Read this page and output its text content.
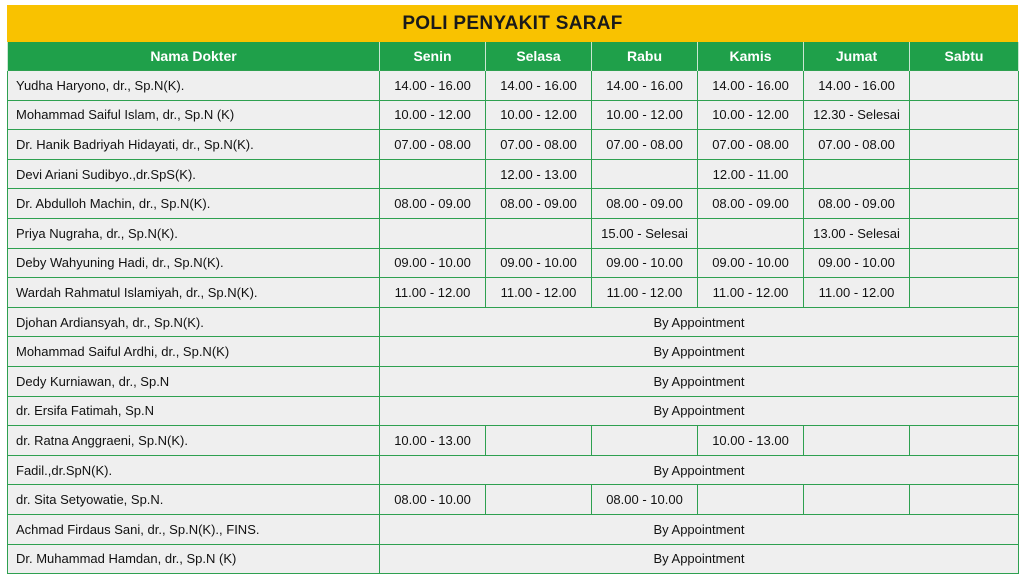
POLI PENYAKIT SARAF
Nama Dokter	Senin	Selasa	Rabu	Kamis	Jumat	Sabtu
Yudha Haryono, dr., Sp.N(K).	14.00 - 16.00	14.00 - 16.00	14.00 - 16.00	14.00 - 16.00	14.00 - 16.00	
Mohammad Saiful Islam, dr., Sp.N (K)	10.00 - 12.00	10.00 - 12.00	10.00 - 12.00	10.00 - 12.00	12.30 - Selesai	
Dr. Hanik Badriyah Hidayati, dr., Sp.N(K).	07.00 - 08.00	07.00 - 08.00	07.00 - 08.00	07.00 - 08.00	07.00 - 08.00	
Devi Ariani Sudibyo.,dr.SpS(K).		12.00 - 13.00		12.00 - 11.00		
Dr. Abdulloh Machin, dr., Sp.N(K).	08.00 - 09.00	08.00 - 09.00	08.00 - 09.00	08.00 - 09.00	08.00 - 09.00	
Priya Nugraha, dr., Sp.N(K).			15.00 - Selesai		13.00 - Selesai	
Deby Wahyuning Hadi, dr., Sp.N(K).	09.00 - 10.00	09.00 - 10.00	09.00 - 10.00	09.00 - 10.00	09.00 - 10.00	
Wardah Rahmatul Islamiyah, dr., Sp.N(K).	11.00 - 12.00	11.00 - 12.00	11.00 - 12.00	11.00 - 12.00	11.00 - 12.00	
Djohan Ardiansyah, dr., Sp.N(K).	By Appointment					
Mohammad Saiful Ardhi, dr., Sp.N(K)	By Appointment					
Dedy Kurniawan, dr., Sp.N	By Appointment					
dr. Ersifa Fatimah, Sp.N	By Appointment					
dr. Ratna Anggraeni, Sp.N(K).	10.00 - 13.00			10.00 - 13.00		
Fadil.,dr.SpN(K).	By Appointment					
dr. Sita Setyowatie, Sp.N.	08.00 - 10.00		08.00 - 10.00			
Achmad Firdaus Sani, dr., Sp.N(K)., FINS.	By Appointment					
Dr. Muhammad Hamdan, dr., Sp.N (K)	By Appointment					
